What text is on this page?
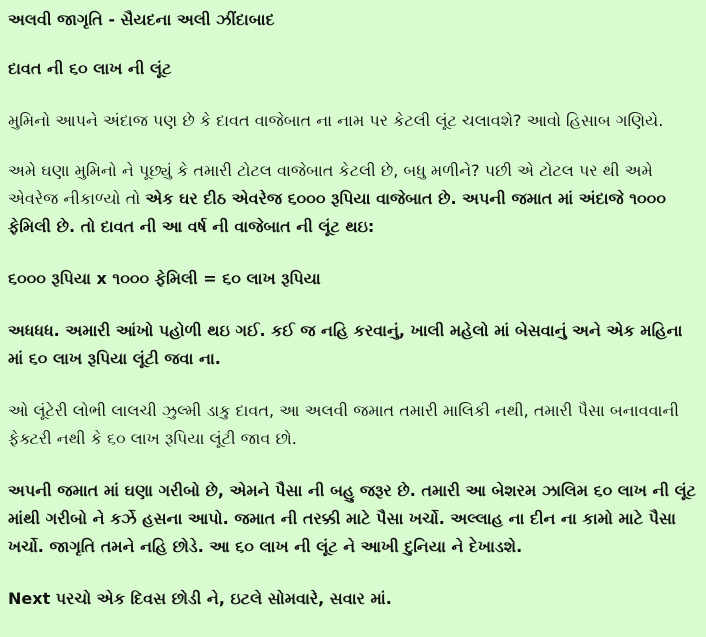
અલવી જાગૃતિ - સૈયદના અલી ઝીંદાબાદ

દાવત ની ૬૦ લાખ ની લૂંટ

મુમિનો આપને અંદાજ પણ છે કે દાવત વાજેબાત ના નામ પર કેટલી લૂંટ ચલાવશે? આવો હિસાબ ગણિયે.

અમે ઘણા મુમિનો ને પૂછ્યું કે તમારી ટોટલ વાજેબાત કેટલી છે, બધુ મળીને? પછી એ ટોટલ પર થી અમે એવરેજ નીકાળ્યો તો એક ઘર દીઠ એવરેજ ૬૦૦૦ રૂપિયા વાજેબાત છે. અપની જમાત માં અંદાજે ૧૦૦૦ ફેમિલી છે. તો દાવત ની આ વર્ષ ની વાજેબાત ની લૂંટ થઇ:

૬૦૦૦ રૂપિયા x ૧૦૦૦ ફેમિલી = ૬૦ લાખ રૂપિયા

અધધધ. અમારી આંખો પહોળી થઇ ગઈ. કઈ જ નહિ કરવાનું, ખાલી મહેલો માં બેસવાનું અને એક મહિના માં ૬૦ લાખ રૂપિયા લૂંટી જવા ના.

ઓ લૂંટેરી લોભી લાલચી ઝુલ્મી ડાકુ દાવત, આ અલવી જમાત તમારી માલિકી નથી, તમારી પૈસા બનાવવાની ફેક્ટરી નથી કે ૬૦ લાખ રૂપિયા લૂંટી જાવ છો.

અપની જમાત માં ઘણા ગરીબો છે, એમને પૈસા ની બહુ જરૂર છે. તમારી આ બેશરમ ઝાલિમ ૬૦ લાખ ની લૂંટ માંથી ગરીબો ને કર્ઝે હસના આપો. જમાત ની તરક્કી માટે પૈસા ખર્ચો. અલ્લાહ ના દીન ના કામો માટે પૈસા ખર્ચો. જાગૃતિ તમને નહિ છોડે. આ ૬૦ લાખ ની લૂંટ ને આખી દુનિયા ને દેખાડશે.

Next પરચો એક દિવસ છોડી ને, ઇટલે સોમવારે, સવાર માં.
